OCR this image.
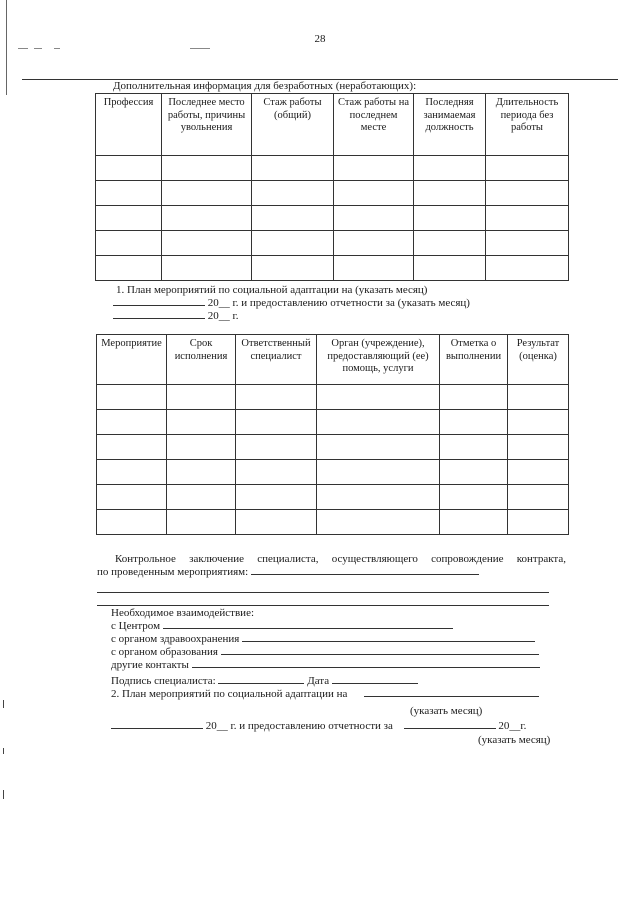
28
Дополнительная информация для безработных (неработающих):
Профессия	Последнее место работы, причины увольнения	Стаж работы (общий)	Стаж работы на последнем месте	Последняя занимаемая должность	Длительность периода без работы

1. План мероприятий по социальной адаптации на (указать месяц)
20__ г. и предоставлению отчетности за (указать месяц)
20__ г.
Мероприятие	Срок исполнения	Ответственный специалист	Орган (учреждение), предоставляющий (ее) помощь, услуги	Отметка о выполнении	Результат (оценка)

Контрольное заключение специалиста, осуществляющего сопровождение контракта,
по проведенным мероприятиям:
Необходимое взаимодействие:
с Центром
с органом здравоохранения
с органом образования
другие контакты
Подпись специалиста:	Дата
2. План мероприятий по социальной адаптации на
(указать месяц)
20__ г. и предоставлению отчетности за	20__г.
(указать месяц)
